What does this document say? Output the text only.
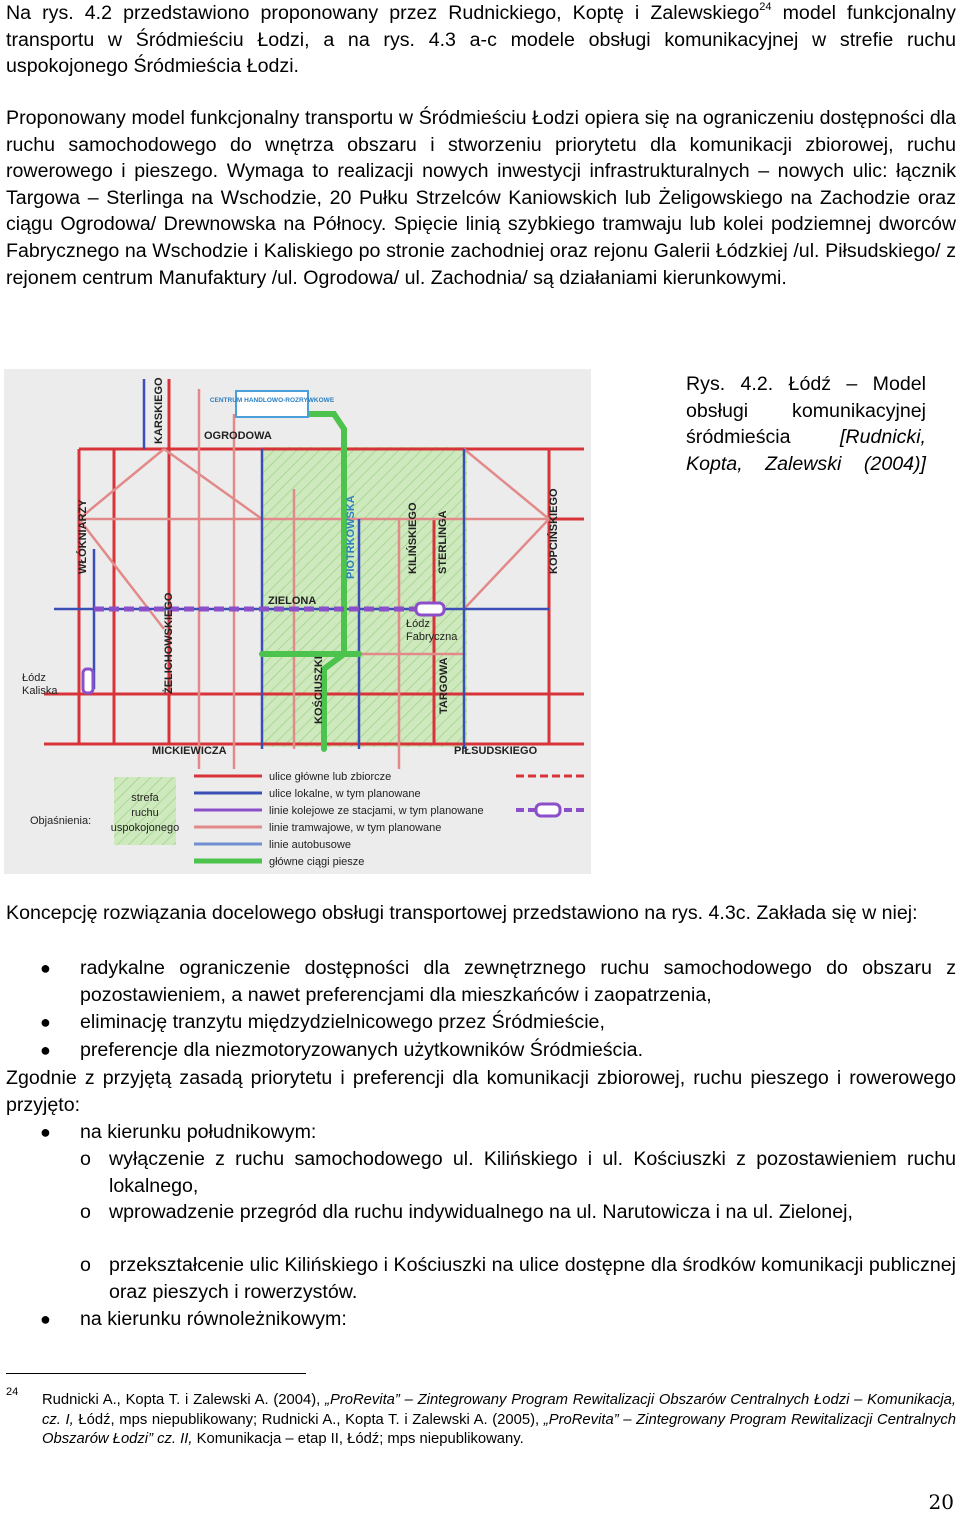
Na rys. 4.2 przedstawiono proponowany przez Rudnickiego, Koptę i Zalewskiego$^{24}$ model funkcjonalny transportu w Śródmieściu Łodzi, a na rys. 4.3 a-c modele obsługi komunikacyjnej w strefie ruchu uspokojonego Śródmieścia Łodzi.
Proponowany model funkcjonalny transportu w Śródmieściu Łodzi opiera się na ograniczeniu dostępności dla ruchu samochodowego do wnętrza obszaru i stworzeniu priorytetu dla komunikacji zbiorowej, ruchu rowerowego i pieszego. Wymaga to realizacji nowych inwestycji infrastrukturalnych – nowych ulic: łącznik Targowa – Sterlinga na Wschodzie, 20 Pułku Strzelców Kaniowskich lub Żeligowskiego na Zachodzie oraz ciągu Ogrodowa/ Drewnowska na Północy. Spięcie linią szybkiego tramwaju lub kolei podziemnej dworców Fabrycznego na Wschodzie i Kaliskiego po stronie zachodniej oraz rejonu Galerii Łódzkiej /ul. Piłsudskiego/ z rejonem centrum Manufaktury /ul. Ogrodowa/ ul. Zachodnia/ są działaniami kierunkowymi.
CENTRUM HANDLOWO-ROZRYWKOWE
OGRODOWA
KARSKIEGO
WŁÓKNIARZY	PIOTRKOWSKA	KILIŃSKIEGO STERLINGA	KOPCIŃSKIEGO
ZIELONA
ŻELICHOWSKIEGO	KOŚCIUSZKI	TARGOWA
MICKIEWICZA	PIŁSUDSKIEGO
Łódz
Fabryczna
Łódz
Kaliska
Objaśnienia:
strefa
ruchu
uspokojonego
ulice główne lub zbiorcze
ulice lokalne, w tym planowane
linie kolejowe ze stacjami, w tym planowane
linie tramwajowe, w tym planowane
linie autobusowe
główne ciągi piesze
Rys. 4.2. Łódź – Model obsługi komunikacyjnej śródmieścia [Rudnicki, Kopta, Zalewski (2004)]
Koncepcję rozwiązania docelowego obsługi transportowej przedstawiono na rys. 4.3c. Zakłada się w niej:
● radykalne ograniczenie dostępności dla zewnętrznego ruchu samochodowego do obszaru z pozostawieniem, a nawet preferencjami dla mieszkańców i zaopatrzenia,
● eliminację tranzytu międzydzielnicowego przez Śródmieście,
● preferencje dla niezmotoryzowanych użytkowników Śródmieścia.
Zgodnie z przyjętą zasadą priorytetu i preferencji dla komunikacji zbiorowej, ruchu pieszego i rowerowego przyjęto:
● na kierunku południkowym:
o wyłączenie z ruchu samochodowego ul. Kilińskiego i ul. Kościuszki z pozostawieniem ruchu lokalnego,
o wprowadzenie przegród dla ruchu indywidualnego na ul. Narutowicza i na ul. Zielonej,
o przekształcenie ulic Kilińskiego i Kościuszki na ulice dostępne dla środków komunikacji publicznej oraz pieszych i rowerzystów.
● na kierunku równoleżnikowym:
24 Rudnicki A., Kopta T. i Zalewski A. (2004), „ProRevita” – Zintegrowany Program Rewitalizacji Obszarów Centralnych Łodzi – Komunikacja, cz. I, Łódź, mps niepublikowany; Rudnicki A., Kopta T. i Zalewski A. (2005), „ProRevita” – Zintegrowany Program Rewitalizacji Centralnych Obszarów Łodzi” cz. II, Komunikacja – etap II, Łódź; mps niepublikowany.
20
